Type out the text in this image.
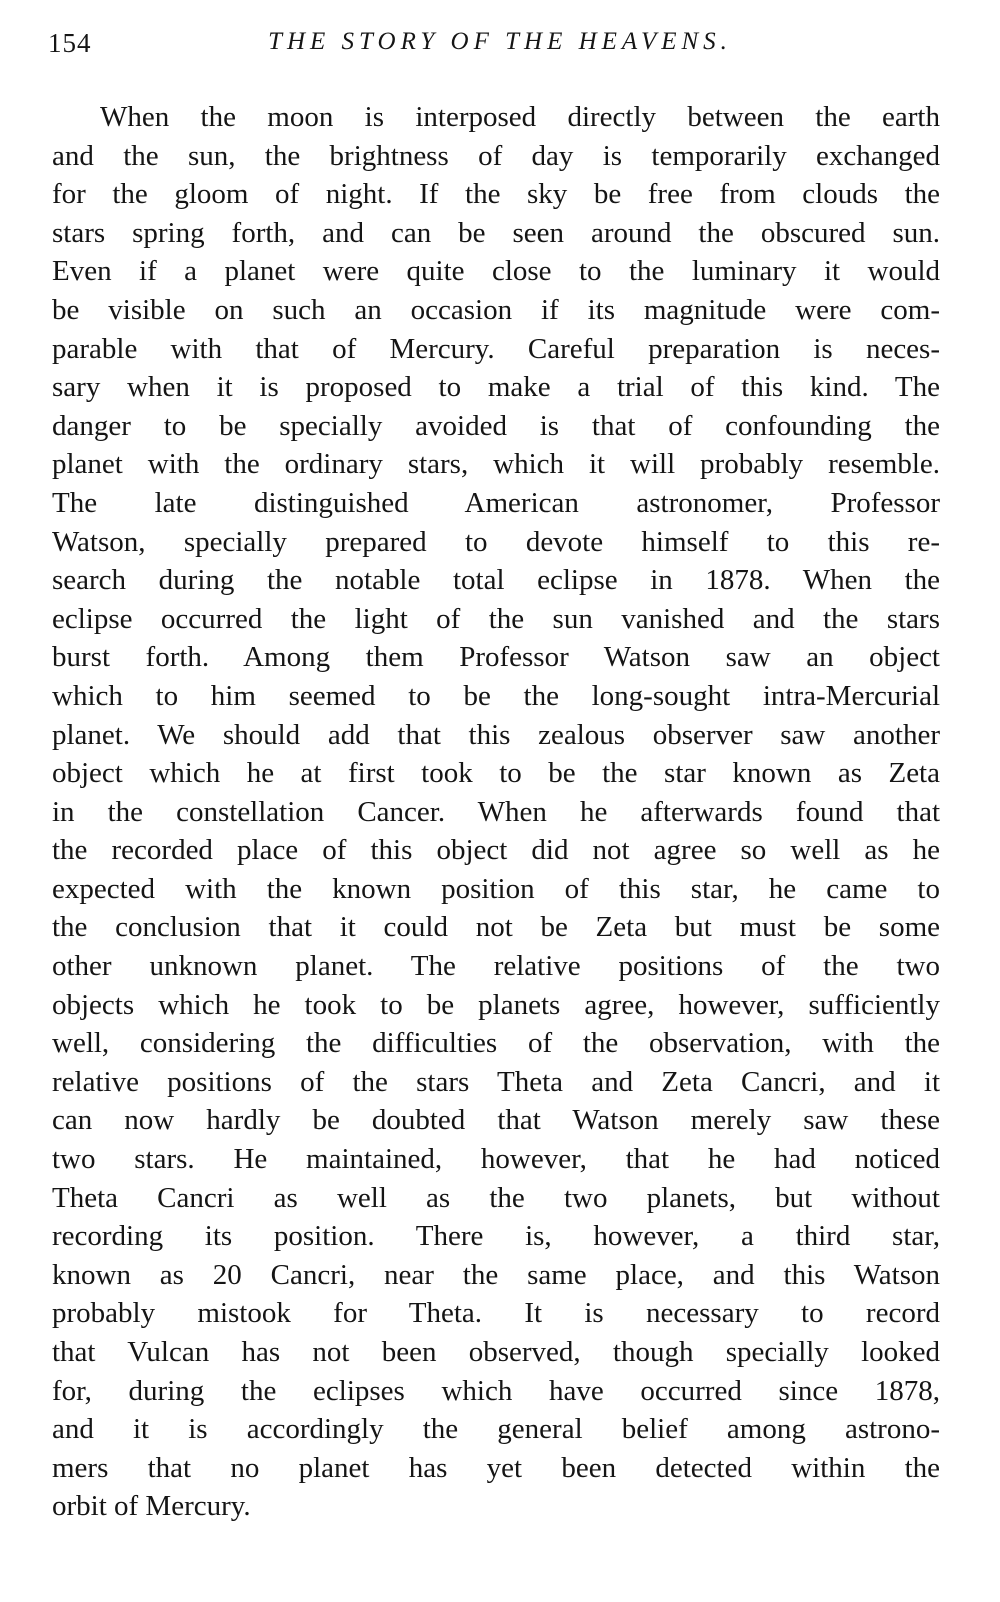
154	THE STORY OF THE HEAVENS.
When the moon is interposed directly between the earth
and the sun, the brightness of day is temporarily exchanged
for the gloom of night. If the sky be free from clouds the
stars spring forth, and can be seen around the obscured sun.
Even if a planet were quite close to the luminary it would
be visible on such an occasion if its magnitude were com-
parable with that of Mercury. Careful preparation is neces-
sary when it is proposed to make a trial of this kind. The
danger to be specially avoided is that of confounding the
planet with the ordinary stars, which it will probably resemble.
The late distinguished American astronomer, Professor
Watson, specially prepared to devote himself to this re-
search during the notable total eclipse in 1878. When the
eclipse occurred the light of the sun vanished and the stars
burst forth. Among them Professor Watson saw an object
which to him seemed to be the long-sought intra-Mercurial
planet. We should add that this zealous observer saw another
object which he at first took to be the star known as Zeta
in the constellation Cancer. When he afterwards found that
the recorded place of this object did not agree so well as he
expected with the known position of this star, he came to
the conclusion that it could not be Zeta but must be some
other unknown planet. The relative positions of the two
objects which he took to be planets agree, however, sufficiently
well, considering the difficulties of the observation, with the
relative positions of the stars Theta and Zeta Cancri, and it
can now hardly be doubted that Watson merely saw these
two stars. He maintained, however, that he had noticed
Theta Cancri as well as the two planets, but without
recording its position. There is, however, a third star,
known as 20 Cancri, near the same place, and this Watson
probably mistook for Theta. It is necessary to record
that Vulcan has not been observed, though specially looked
for, during the eclipses which have occurred since 1878,
and it is accordingly the general belief among astrono-
mers that no planet has yet been detected within the
orbit of Mercury.
